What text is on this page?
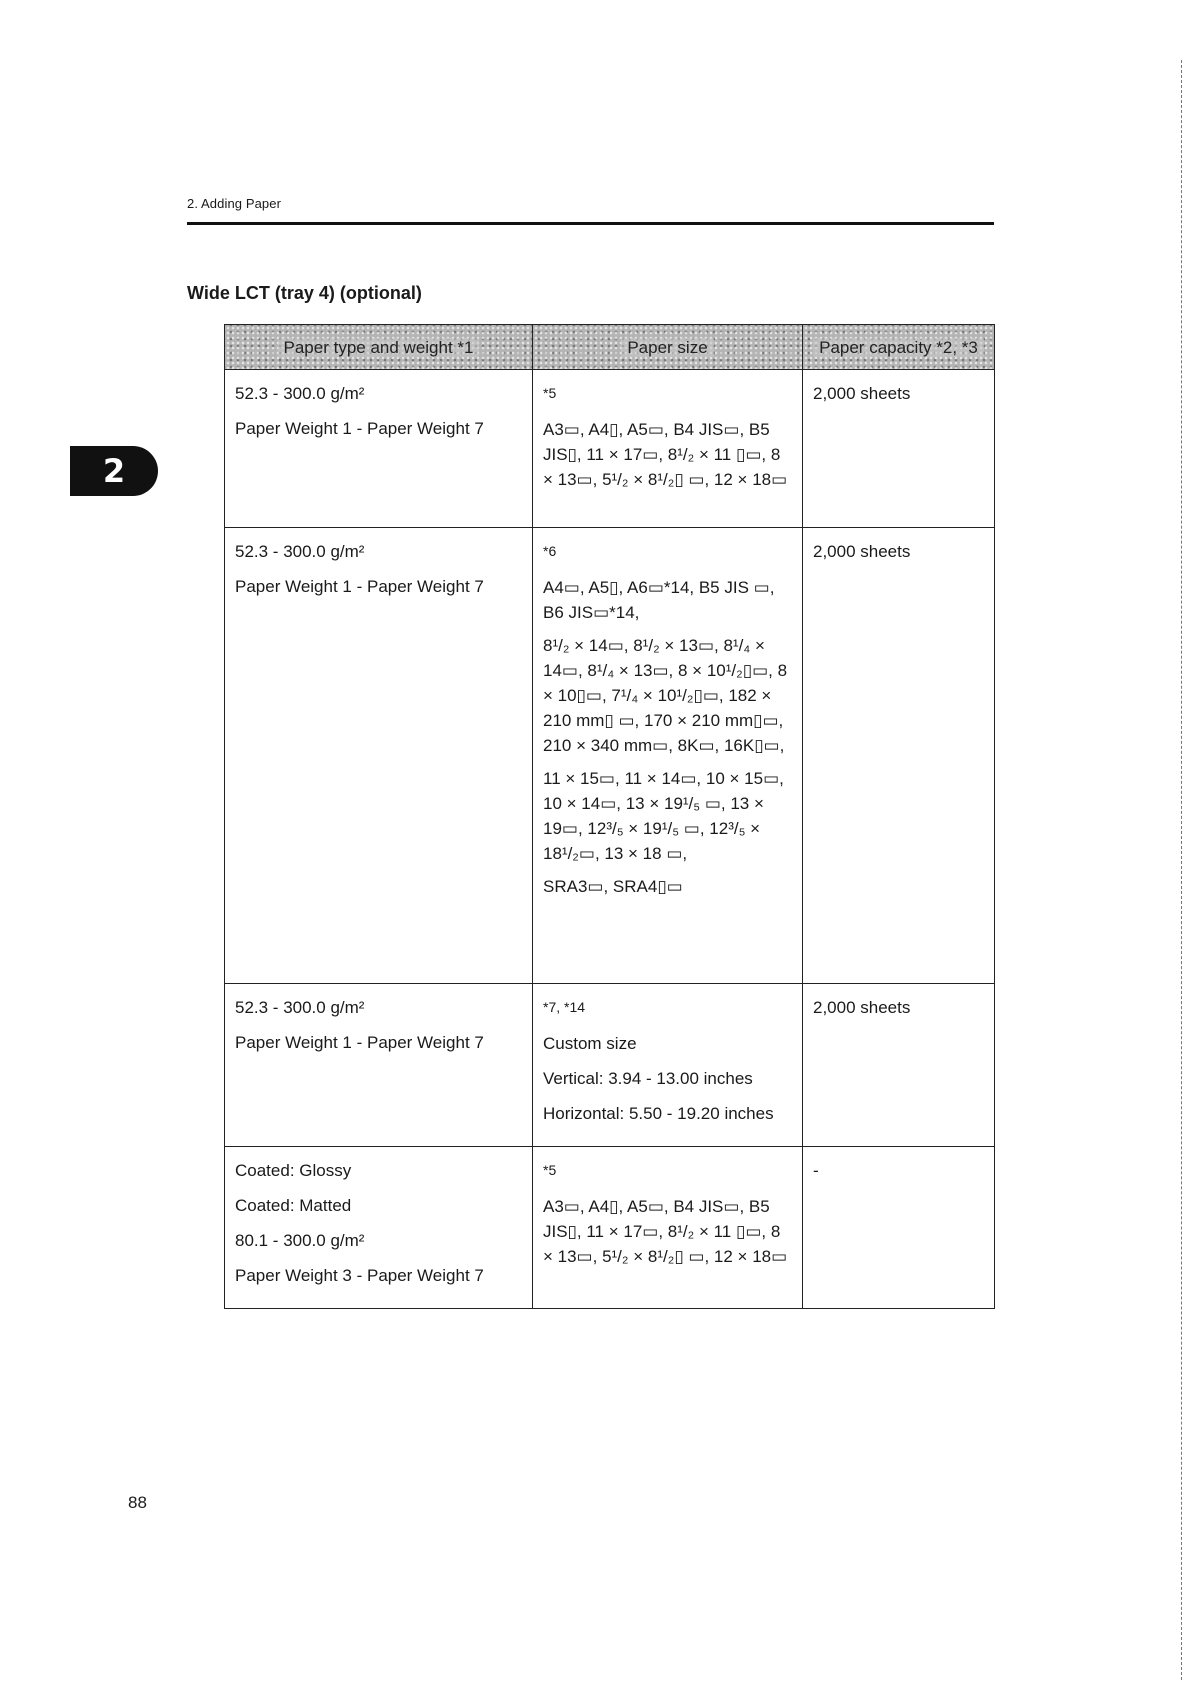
2. Adding Paper
2
Wide LCT (tray 4) (optional)
Paper type and weight *1	Paper size	Paper capacity *2, *3

52.3 - 300.0 g/m²
Paper Weight 1 - Paper Weight 7	*5
A3▭, A4▯, A5▭, B4 JIS▭, B5 JIS▯, 11 × 17▭, 8¹/₂ × 11 ▯▭, 8 × 13▭, 5¹/₂ × 8¹/₂▯ ▭, 12 × 18▭	2,000 sheets

52.3 - 300.0 g/m²
Paper Weight 1 - Paper Weight 7	*6
A4▭, A5▯, A6▭*14, B5 JIS ▭, B6 JIS▭*14,
8¹/₂ × 14▭, 8¹/₂ × 13▭, 8¹/₄ × 14▭, 8¹/₄ × 13▭, 8 × 10¹/₂▯▭, 8 × 10▯▭, 7¹/₄ × 10¹/₂▯▭, 182 × 210 mm▯ ▭, 170 × 210 mm▯▭, 210 × 340 mm▭, 8K▭, 16K▯▭,
11 × 15▭, 11 × 14▭, 10 × 15▭, 10 × 14▭, 13 × 19¹/₅ ▭, 13 × 19▭, 12³/₅ × 19¹/₅ ▭, 12³/₅ × 18¹/₂▭, 13 × 18 ▭,
SRA3▭, SRA4▯▭	2,000 sheets

52.3 - 300.0 g/m²
Paper Weight 1 - Paper Weight 7	*7, *14
Custom size
Vertical: 3.94 - 13.00 inches
Horizontal: 5.50 - 19.20 inches	2,000 sheets

Coated: Glossy
Coated: Matted
80.1 - 300.0 g/m²
Paper Weight 3 - Paper Weight 7	*5
A3▭, A4▯, A5▭, B4 JIS▭, B5 JIS▯, 11 × 17▭, 8¹/₂ × 11 ▯▭, 8 × 13▭, 5¹/₂ × 8¹/₂▯ ▭, 12 × 18▭	-
88
